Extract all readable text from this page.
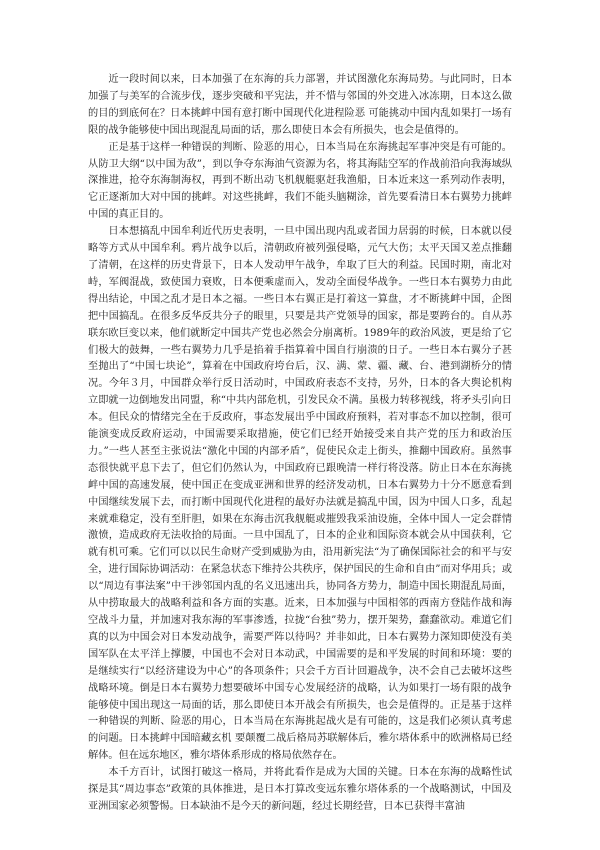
近一段时间以来，日本加强了在东海的兵力部署，并试图激化东海局势。与此同时，日本加强了与美军的合流步伐，逐步突破和平宪法，并不惜与邻国的外交进入冰冻期，日本这么做的目的到底何在？日本挑衅中国有意打断中国现代化进程险恶 可能挑动中国内乱如果打一场有限的战争能够使中国出现混乱局面的话，那么即使日本会有所损失，也会是值得的。

正是基于这样一种错误的判断、险恶的用心，日本当局在东海挑起军事冲突是有可能的。从防卫大纲“以中国为敌”，到以争夺东海油气资源为名，将其海陆空军的作战前沿向我海域纵深推进，抢夺东海制海权，再到不断出动飞机舰艇驱赶我渔船，日本近来这一系列动作表明，它正逐渐加大对中国的挑衅。对这些挑衅，我们不能头脑糊涂，首先要看清日本右翼势力挑衅中国的真正目的。

日本想搞乱中国牟利近代历史表明，一旦中国出现内乱或者国力居弱的时候，日本就以侵略等方式从中国牟利。鸦片战争以后，清朝政府被列强侵略，元气大伤；太平天国又差点推翻了清朝，在这样的历史背景下，日本人发动甲午战争，牟取了巨大的利益。民国时期，南北对峙，军阀混战，致使国力衰败，日本便乘虚而入，发动全面侵华战争。一些日本右翼势力由此得出结论，中国之乱才是日本之福。一些日本右翼正是打着这一算盘，才不断挑衅中国，企图把中国搞乱。在很多反华反共分子的眼里，只要是共产党领导的国家，都是要跨台的。自从苏联东欧巨变以来，他们就断定中国共产党也必然会分崩离析。1989年的政治风波，更是给了它们极大的鼓舞，一些右翼势力几乎是掐着手指算着中国自行崩溃的日子。一些日本右翼分子甚至抛出了“中国七块论”，算着在中国政府垮台后，汉、满、蒙、疆、藏、台、港到湖桥分的情况。今年３月，中国群众举行反日活动时，中国政府表态不支持，另外，日本的各大舆论机构立即就一边倒地发出同盟，称“中共内部危机，引发民众不满。虽极力转移视线，将矛头引向日本。但民众的情绪完全在于反政府，事态发展出乎中国政府预料，若对事态不加以控制，很可能演变成反政府运动，中国需要采取措施，使它们已经开始接受来自共产党的压力和政治压力。”一些人甚至主张说法“激化中国的内部矛盾”，促使民众走上街头，推翻中国政府。虽然事态很快就平息下去了，但它们仍然认为，中国政府已跟晚清一样行将没落。防止日本在东海挑衅中国的高速发展，使中国正在变成亚洲和世界的经济发动机，日本右翼势力十分不愿意看到中国继续发展下去，而打断中国现代化进程的最好办法就是搞乱中国，因为中国人口多，乱起来就难稳定，没有至肝胆，如果在东海击沉我舰艇或摧毁我采油设施，全体中国人一定会群情激愤，造成政府无法收拾的局面。一旦中国乱了，日本的企业和国际资本就会从中国获利，它就有机可乘。它们可以以民生命财产受到威胁为由，沿用新宪法“为了确保国际社会的和平与安全，进行国际协调活动：在紧急状态下维持公共秩序，保护国民的生命和自由”而对华用兵；或以“周边有事法案”中干涉邻国内乱的名义迅速出兵，协同各方势力，制造中国长期混乱局面，从中捞取最大的战略利益和各方面的实惠。近来，日本加强与中国相邻的西南方登陆作战和海空战斗力量，并加速对我东海的军事渗透，拉拢“台独”势力，摆开架势，蠢蠢欲动。难道它们真的以为中国会对日本发动战争，需要严阵以待吗？并非如此，日本右翼势力深知即使没有美国军队在太平洋上撑腰，中国也不会对日本动武，中国需要的是和平发展的时间和环境：要的是继续实行“以经济建设为中心”的各项条件；只会千方百计回避战争，决不会自己去破坏这些战略环境。倒是日本右翼势力想要破坏中国专心发展经济的战略，认为如果打一场有限的战争能够使中国出现这一局面的话，那么即使日本开战会有所损失，也会是值得的。正是基于这样一种错误的判断、险恶的用心，日本当局在东海挑起战火是有可能的，这是我们必须认真考虑的问题。日本挑衅中国暗藏玄机 要颠覆二战后格局苏联解体后，雅尔塔体系中的欧洲格局已经解体。但在远东地区，雅尔塔体系形成的格局依然存在。

本千方百计，试图打破这一格局，并将此看作是成为大国的关键。日本在东海的战略性试探是其“周边事态”政策的具体推进，是日本打算改变远东雅尔塔体系的一个战略测试，中国及亚洲国家必须警惕。日本缺油不是今天的新问题，经过长期经营，日本已获得丰富油
